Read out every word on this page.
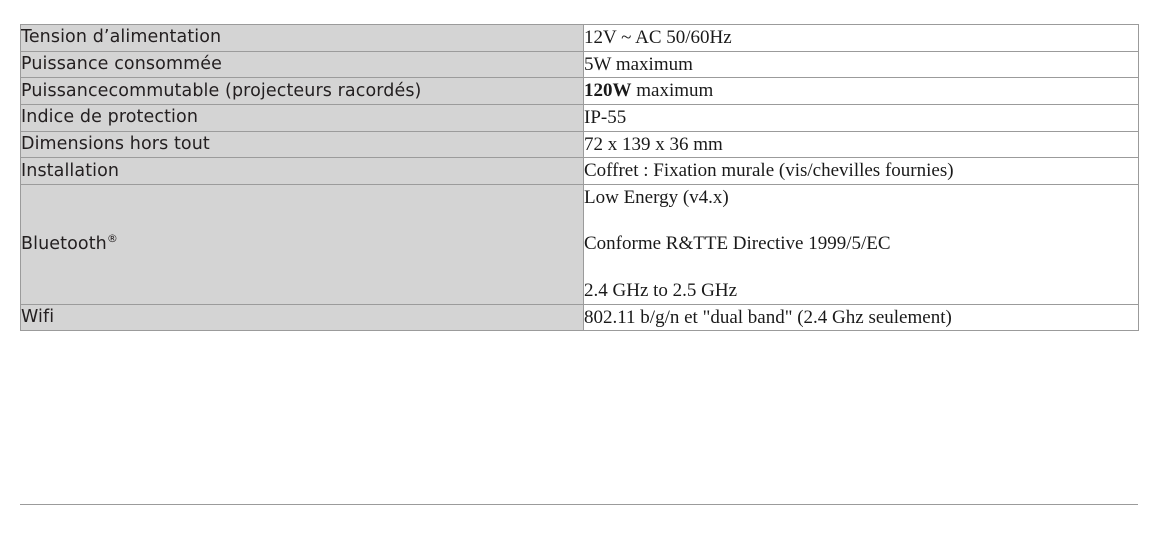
Tension d’alimentation	12V ~ AC 50/60Hz

Puissance consommée	5W maximum

Puissancecommutable (projecteurs racordés)	120W maximum

Indice de protection	IP-55

Dimensions hors tout	72 x 139 x 36 mm

Installation	Coffret : Fixation murale (vis/chevilles fournies)

Bluetooth®	Low Energy (v4.x)
Conforme R&TTE Directive 1999/5/EC
2.4 GHz to 2.5 GHz

Wifi	802.11 b/g/n et "dual band" (2.4 Ghz seulement)
